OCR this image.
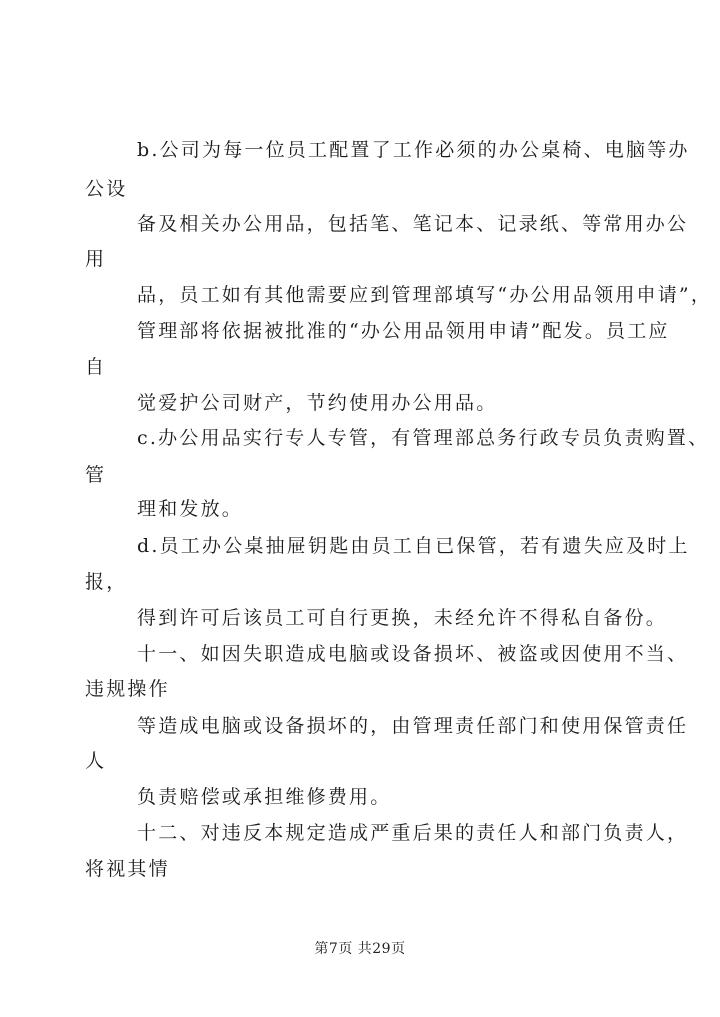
b.公司为每一位员工配置了工作必须的办公桌椅、电脑等办
公设
备及相关办公用品，包括笔、笔记本、记录纸、等常用办公
用
品，员工如有其他需要应到管理部填写“办公用品领用申请”，
管理部将依据被批准的“办公用品领用申请”配发。员工应
自
觉爱护公司财产，节约使用办公用品。
c.办公用品实行专人专管，有管理部总务行政专员负责购置、
管
理和发放。
d.员工办公桌抽屉钥匙由员工自已保管，若有遗失应及时上
报，
得到许可后该员工可自行更换，未经允许不得私自备份。
十一、如因失职造成电脑或设备损坏、被盗或因使用不当、
违规操作
等造成电脑或设备损坏的，由管理责任部门和使用保管责任
人
负责赔偿或承担维修费用。
十二、对违反本规定造成严重后果的责任人和部门负责人，
将视其情
第7页 共29页
